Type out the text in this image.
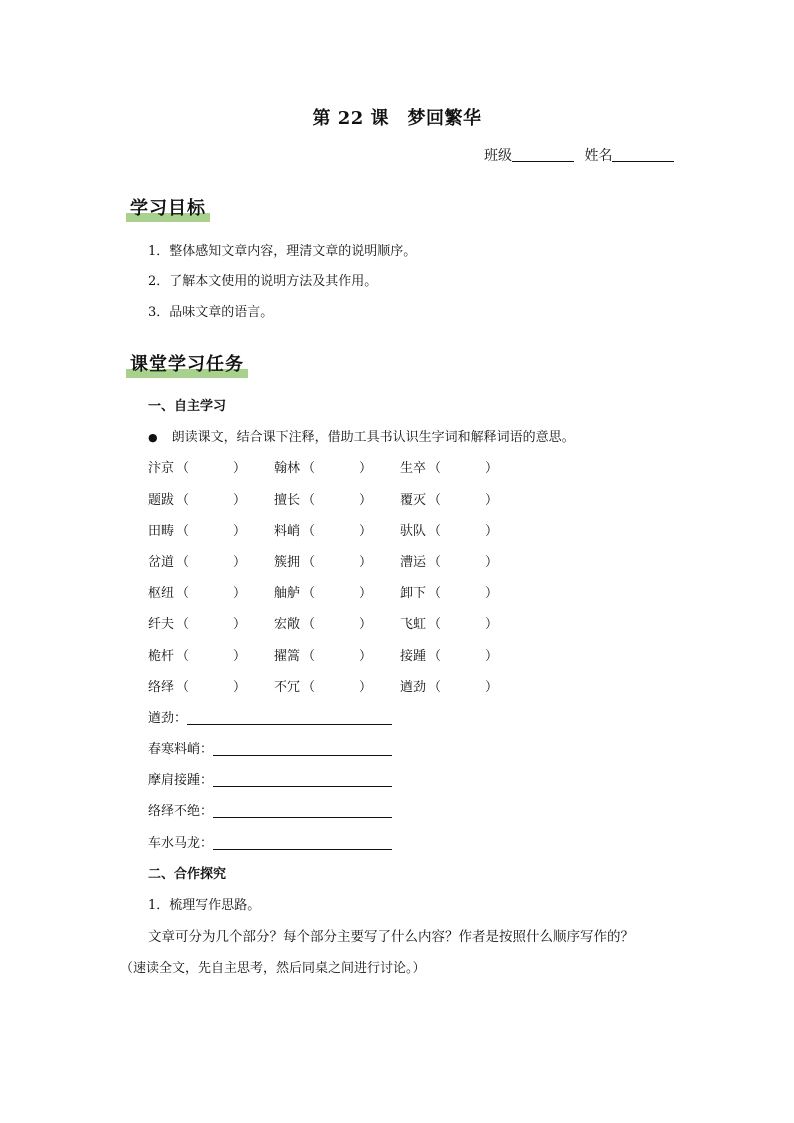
第 22 课　梦回繁华
班级	姓名
学习目标
1．整体感知文章内容，理清文章的说明顺序。
2．了解本文使用的说明方法及其作用。
3．品味文章的语言。
课堂学习任务
一、自主学习
● 朗读课文，结合课下注释，借助工具书认识生字词和解释词语的意思。
汴京 （	） 翰林 （	） 生卒 （	）
题跋 （	） 擅长 （	） 覆灭 （	）
田畴 （	） 料峭 （	） 驮队 （	）
岔道 （	） 簇拥 （	） 漕运 （	）
枢纽 （	） 舳舻 （	） 卸下 （	）
纤夫 （	） 宏敞 （	） 飞虹 （	）
桅杆 （	） 擢篙 （	） 接踵 （	）
络绎 （	） 不冗 （	） 遒劲 （	）
遒劲：
春寒料峭：
摩肩接踵：
络绎不绝：
车水马龙：
二、合作探究
1．梳理写作思路。
文章可分为几个部分？每个部分主要写了什么内容？作者是按照什么顺序写作的？
（速读全文，先自主思考，然后同桌之间进行讨论。）
